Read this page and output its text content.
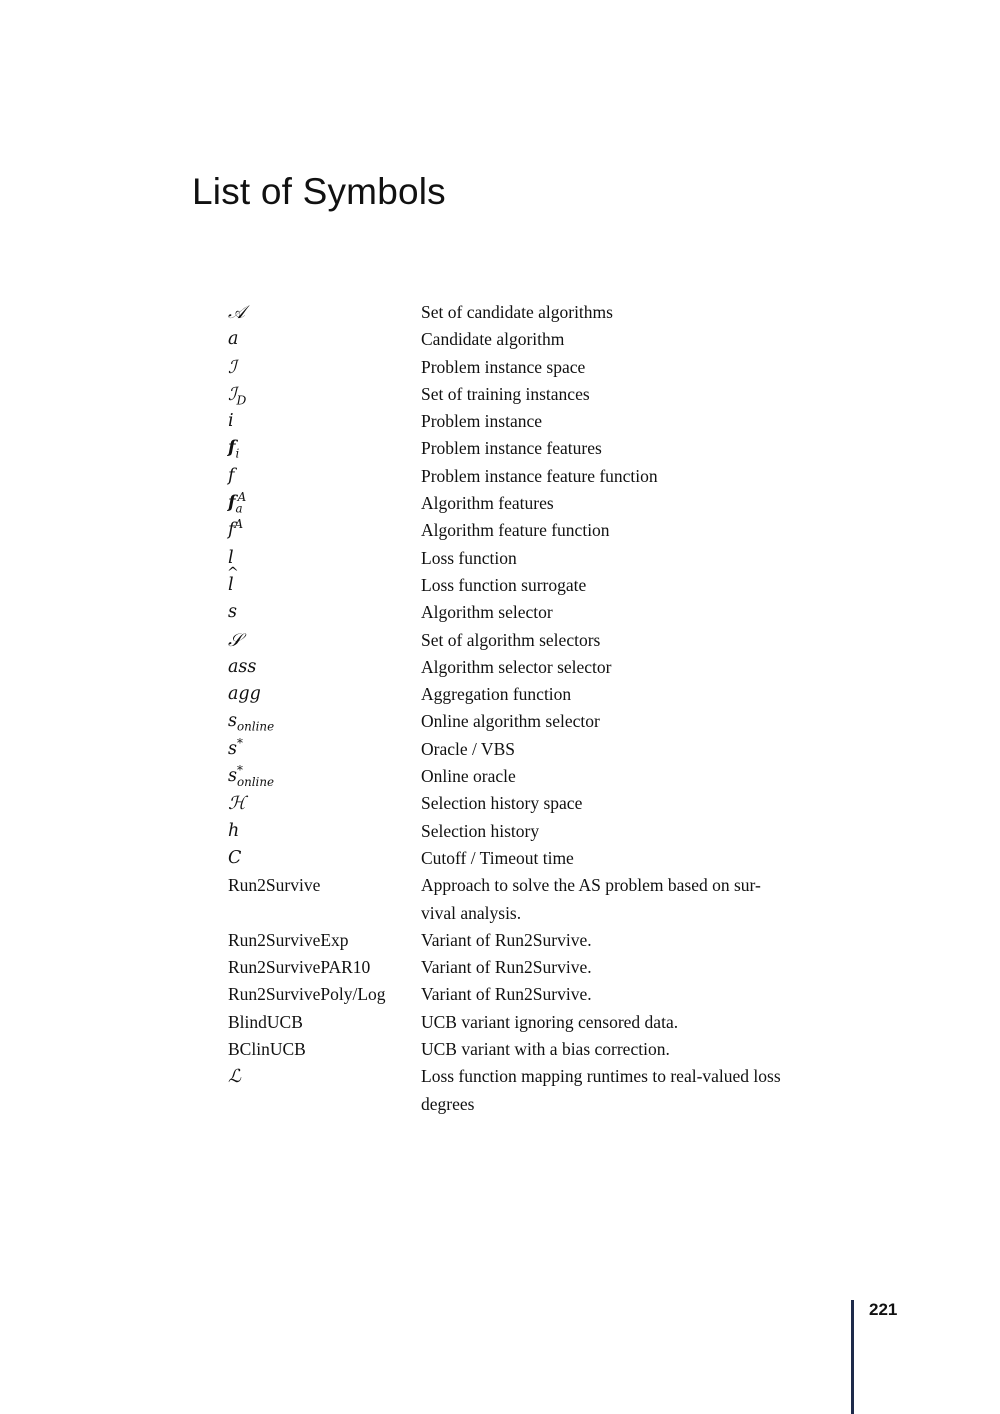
List of Symbols
𝒜	Set of candidate algorithms
a	Candidate algorithm
ℐ	Problem instance space
ℐ$_D$	Set of training instances
i	Problem instance
$f_i$	Problem instance features
f	Problem instance feature function
$f_a^A$	Algorithm features
$f^A$	Algorithm feature function
l	Loss function
^ l	Loss function surrogate
s	Algorithm selector
𝒮	Set of algorithm selectors
ass	Algorithm selector selector
agg	Aggregation function
$s_{online}$	Online algorithm selector
s*	Oracle / VBS
$s^*_{online}$	Online oracle
ℋ	Selection history space
h	Selection history
C	Cutoff / Timeout time
Run2Survive	Approach to solve the AS problem based on sur-
vival analysis.
Run2SurviveExp	Variant of Run2Survive.
Run2SurvivePAR10	Variant of Run2Survive.
Run2SurvivePoly/Log	Variant of Run2Survive.
BlindUCB	UCB variant ignoring censored data.
BClinUCB	UCB variant with a bias correction.
ℒ	Loss function mapping runtimes to real-valued loss
degrees
221
